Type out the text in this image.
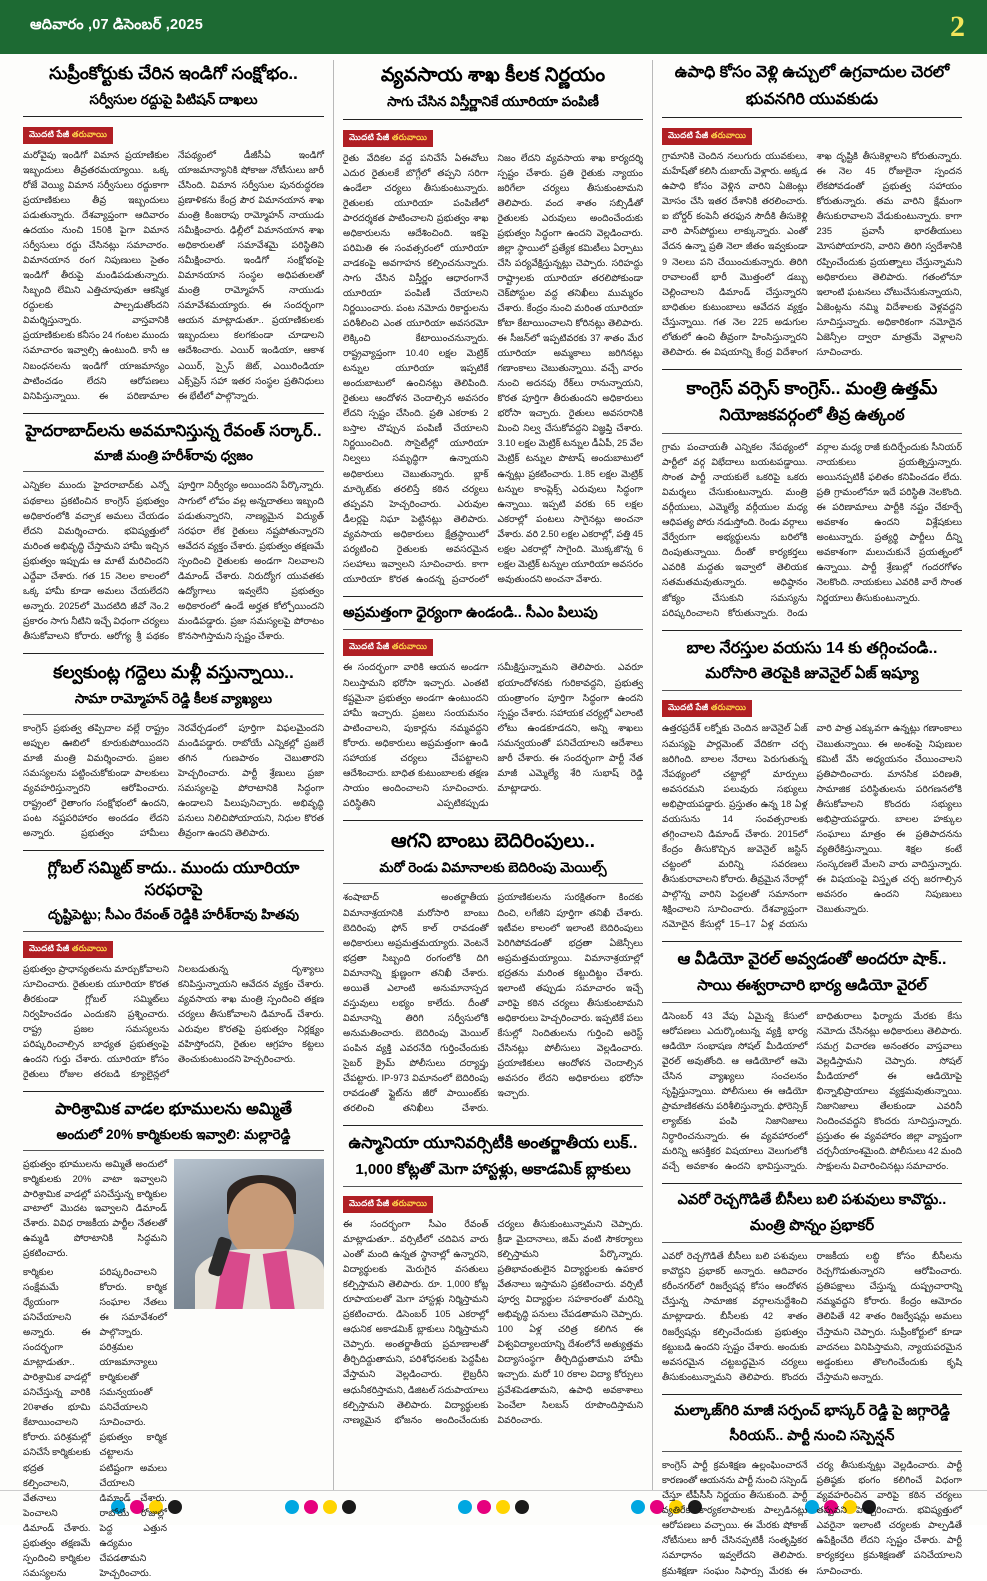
ఆదివారం ,07 డిసెంబర్ ,2025	2
సుప్రీంకోర్టుకు చేరిన ఇండిగో సంక్షోభం..
సర్వీసుల రద్దుపై పిటిషన్ దాఖలు
మొదటి పేజీ తరువాయి
మరోవైపు ఇండిగో విమాన ప్రయాణికుల ఇబ్బందులు తీవ్రతరమయ్యాయి. ఒక్క రోజే వెయ్యి విమాన సర్వీసులు రద్దుకాగా ప్రయాణికులు తీవ్ర ఇబ్బందులు పడుతున్నారు. దేశవ్యాప్తంగా ఆదివారం ఉదయం నుంచి 150కి పైగా విమాన సర్వీసులు రద్దు చేసినట్లు సమాచారం. విమానయాన రంగ నిపుణులు సైతం ఇండిగో తీరుపై మండిపడుతున్నారు. సిబ్బంది లేమిని ఎత్తిచూపుతూ ఆకస్మిక రద్దులకు పాల్పడుతోందని విమర్శిస్తున్నారు. వాస్తవానికి ప్రయాణికులకు కనీసం 24 గంటల ముందు సమాచారం ఇవ్వాల్సి ఉంటుంది. కానీ ఆ నిబంధనలను ఇండిగో యాజమాన్యం పాటించడం లేదని ఆరోపణలు వినిపిస్తున్నాయి. ఈ పరిణామాల నేపథ్యంలో డీజీసీఏ ఇండిగో యాజమాన్యానికి షోకాజు నోటీసులు జారీ చేసింది. విమాన సర్వీసుల పునరుద్ధరణ ప్రణాళికను కేంద్ర పౌర విమానయాన శాఖ మంత్రి కింజరాపు రామ్మోహన్ నాయుడు సమీక్షించారు. ఢిల్లీలో విమానయాన శాఖ అధికారులతో సమావేశమై పరిస్థితిని సమీక్షించారు. ఇండిగో సంక్షోభంపై విమానయాన సంస్థల అధిపతులతో మంత్రి రామ్మోహన్ నాయుడు సమావేశమయ్యారు. ఈ సందర్భంగా ఆయన మాట్లాడుతూ.. ప్రయాణికులకు ఇబ్బందులు కలగకుండా చూడాలని ఆదేశించారు. ఎయిర్ ఇండియా, ఆకాశ ఎయిర్, స్పైస్ జెట్, ఎయిరిండియా ఎక్స్‌ప్రెస్ సహా ఇతర సంస్థల ప్రతినిధులు ఈ భేటీలో పాల్గొన్నారు.
హైదరాబాద్‌లను అవమానిస్తున్న రేవంత్ సర్కార్..
మాజీ మంత్రి హరీశ్‌రావు ధ్వజం
ఎన్నికల ముందు హైదరాబాద్‌కు ఎన్నో పథకాలు ప్రకటించిన కాంగ్రెస్ ప్రభుత్వం అధికారంలోకి వచ్చాక అమలు చేయడం లేదని విమర్శించారు. భవిష్యత్తులో మరింత అభివృద్ధి చేస్తామని హామీ ఇచ్చిన ప్రభుత్వం ఇప్పుడు ఆ మాటే మరిచిందని ఎద్దేవా చేశారు. గత 15 నెలల కాలంలో ఒక్క హామీ కూడా అమలు చేయలేదని అన్నారు. 2025లో మొదటిది జీవో నెం.2 ప్రకారం సాగు నీటిని ఇచ్చే విధంగా చర్యలు తీసుకోవాలని కోరారు. ఆరోగ్య శ్రీ పథకం పూర్తిగా నిర్వీర్యం అయిందని పేర్కొన్నారు. సాగులో లోపం వల్ల అన్నదాతలు ఇబ్బంది పడుతున్నారని, నాణ్యమైన విద్యుత్ సరఫరా లేక రైతులు నష్టపోతున్నారని ఆవేదన వ్యక్తం చేశారు. ప్రభుత్వం తక్షణమే స్పందించి రైతులకు అండగా నిలవాలని డిమాండ్ చేశారు. నిరుద్యోగ యువతకు ఉద్యోగాలు ఇవ్వలేని ప్రభుత్వం అధికారంలో ఉండే అర్హత కోల్పోయిందని మండిపడ్డారు. ప్రజా సమస్యలపై పోరాటం కొనసాగిస్తామని స్పష్టం చేశారు.
కల్వకుంట్ల గద్దెలు మళ్లీ వస్తున్నాయి..
సామా రామ్మోహన్ రెడ్డి కీలక వ్యాఖ్యలు
కాంగ్రెస్ ప్రభుత్వ తప్పిదాల వల్లే రాష్ట్రం అప్పుల ఊబిలో కూరుకుపోయిందని మాజీ మంత్రి విమర్శించారు. ప్రజల సమస్యలను పట్టించుకోకుండా పాలకులు వ్యవహరిస్తున్నారని ఆరోపించారు. రాష్ట్రంలో రైతాంగం సంక్షోభంలో ఉందని, పంట నష్టపరిహారం అందడం లేదని అన్నారు. ప్రభుత్వం హామీలు నెరవేర్చడంలో పూర్తిగా విఫలమైందని మండిపడ్డారు. రాబోయే ఎన్నికల్లో ప్రజలే తగిన గుణపాఠం చెబుతారని హెచ్చరించారు. పార్టీ శ్రేణులు ప్రజా సమస్యలపై పోరాటానికి సిద్ధంగా ఉండాలని పిలుపునిచ్చారు. అభివృద్ధి పనులు నిలిచిపోయాయని, నిధుల కొరత తీవ్రంగా ఉందని తెలిపారు.
గ్లోబల్ సమ్మిట్ కాదు.. ముందు యూరియా సరఫరాపై
దృష్టిపెట్టు; సీఎం రేవంత్ రెడ్డికి హరీశ్‌రావు హితవు
మొదటి పేజీ తరువాయి
ప్రభుత్వం ప్రాధాన్యతలను మార్చుకోవాలని సూచించారు. రైతులకు యూరియా కొరత తీరకుండా గ్లోబల్ సమ్మిట్‌లు నిర్వహించడం ఎందుకని ప్రశ్నించారు. రాష్ట్ర ప్రజల సమస్యలను పరిష్కరించాల్సిన బాధ్యత ప్రభుత్వంపై ఉందని గుర్తు చేశారు. యూరియా కోసం రైతులు రోజుల తరబడి క్యూలైన్లలో నిలబడుతున్న దృశ్యాలు కనిపిస్తున్నాయని ఆవేదన వ్యక్తం చేశారు. వ్యవసాయ శాఖ మంత్రి స్పందించి తక్షణ చర్యలు తీసుకోవాలని డిమాండ్ చేశారు. ఎరువుల కొరతపై ప్రభుత్వం నిర్లక్ష్యం వహిస్తోందని, రైతుల ఆగ్రహం కట్టలు తెంచుకుంటుందని హెచ్చరించారు.
పారిశ్రామిక వాడల భూములను అమ్మితే
అందులో 20% కార్మికులకు ఇవ్వాలి: మల్లారెడ్డి
ప్రభుత్వం భూములను అమ్మితే అందులో కార్మికులకు 20% వాటా ఇవ్వాలని పారిశ్రామిక వాడల్లో పనిచేస్తున్న కార్మికుల వాటాలో మొదట ఇవ్వాలని డిమాండ్ చేశారు. వివిధ రాజకీయ పార్టీల నేతలతో ఉమ్మడి పోరాటానికి సిద్ధమని ప్రకటించారు.
కార్మికుల సంక్షేమమే ధ్యేయంగా పనిచేయాలని అన్నారు. ఈ సందర్భంగా మాట్లాడుతూ.. పారిశ్రామిక వాడల్లో పనిచేస్తున్న వారికి 20శాతం భూమి కేటాయించాలని కోరారు. పరిశ్రమల్లో పనిచేసే కార్మికులకు భద్రత కల్పించాలని, వేతనాలు పెంచాలని డిమాండ్ చేశారు. ప్రభుత్వం తక్షణమే స్పందించి కార్మికుల సమస్యలను పరిష్కరించాలని కోరారు. కార్మిక సంఘాల నేతలు ఈ సమావేశంలో పాల్గొన్నారు. పరిశ్రమల యాజమాన్యాలు కార్మికులతో సమన్వయంతో పనిచేయాలని సూచించారు. ప్రభుత్వం కార్మిక చట్టాలను పటిష్టంగా అమలు చేయాలని డిమాండ్ చేశారు. రాబోయే రోజుల్లో పెద్ద ఎత్తున ఉద్యమం చేపడతామని హెచ్చరించారు.
వ్యవసాయ శాఖ కీలక నిర్ణయం
సాగు చేసిన విస్తీర్ణానికే యూరియా పంపిణీ
మొదటి పేజీ తరువాయి
రైతు వేదికల వద్ద పనిచేసే ఏఈవోలు ఎదుర రైతులకే బొగ్గేలో తప్పని సరిగా ఉండేలా చర్యలు తీసుకుంటున్నారు. రైతులకు యూరియా పంపిణీలో పారదర్శకత పాటించాలని ప్రభుత్వం శాఖ అధికారులను ఆదేశించింది. ఇకపై పరిమితి ఈ సంవత్సరంలో యూరియా వాడకంపై అవగాహన కల్పించనున్నారు. సాగు చేసిన విస్తీర్ణం ఆధారంగానే యూరియా పంపిణీ చేయాలని నిర్ణయించారు. పంట నమోదు రికార్డులను పరిశీలించి ఎంత యూరియా అవసరమో లెక్కించి కేటాయించనున్నారు. రాష్ట్రవ్యాప్తంగా 10.40 లక్షల మెట్రిక్ టన్నుల యూరియా ఇప్పటికే అందుబాటులో ఉంచినట్లు తెలిపింది. రైతులు ఆందోళన చెందాల్సిన అవసరం లేదని స్పష్టం చేసింది. ప్రతి ఎకరాకు 2 బస్తాల చొప్పున పంపిణీ చేయాలని నిర్ణయించింది. సొసైటీల్లో యూరియా నిల్వలు సమృద్ధిగా ఉన్నాయని అధికారులు చెబుతున్నారు. బ్లాక్ మార్కెట్‌కు తరలిస్తే కఠిన చర్యలు తప్పవని హెచ్చరించారు. ఎరువుల డీలర్లపై నిఘా పెట్టినట్లు తెలిపారు. వ్యవసాయ అధికారులు క్షేత్రస్థాయిలో పర్యటించి రైతులకు అవసరమైన సలహాలు ఇవ్వాలని సూచించారు. కాగా యూరియా కొరత ఉందన్న ప్రచారంలో నిజం లేదని వ్యవసాయ శాఖ కార్యదర్శి స్పష్టం చేశారు. ప్రతి రైతుకు న్యాయం జరిగేలా చర్యలు తీసుకుంటామని తెలిపారు. వంద శాతం సబ్సిడీతో రైతులకు ఎరువులు అందించేందుకు ప్రభుత్వం సిద్ధంగా ఉందని వెల్లడించారు. జిల్లా స్థాయిలో ప్రత్యేక కమిటీలు ఏర్పాటు చేసి పర్యవేక్షిస్తున్నట్లు చెప్పారు. సరిహద్దు రాష్ట్రాలకు యూరియా తరలిపోకుండా చెక్‌పోస్టుల వద్ద తనిఖీలు ముమ్మరం చేశారు. కేంద్రం నుంచి మరింత యూరియా కోటా కేటాయించాలని కోరినట్లు తెలిపారు. ఈ సీజన్‌లో ఇప్పటివరకు 37 శాతం మేర యూరియా అమ్మకాలు జరిగినట్లు గణాంకాలు చెబుతున్నాయి. వచ్చే వారం నుంచి అదనపు రేక్‌లు రానున్నాయని, కొరత పూర్తిగా తీరుతుందని అధికారులు భరోసా ఇచ్చారు. రైతులు అవసరానికి మించి నిల్వ చేసుకోవద్దని విజ్ఞప్తి చేశారు. 3.10 లక్షల మెట్రిక్ టన్నుల డీఏపీ, 25 వేల మెట్రిక్ టన్నుల పొటాష్ అందుబాటులో ఉన్నట్లు ప్రకటించారు. 1.85 లక్షల మెట్రిక్ టన్నుల కాంప్లెక్స్ ఎరువులు సిద్ధంగా ఉన్నాయి. ఇప్పటి వరకు 65 లక్షల ఎకరాల్లో పంటలు సాగైనట్లు అంచనా వేశారు. వరి 2.50 లక్షల ఎకరాల్లో, పత్తి 45 లక్షల ఎకరాల్లో సాగైంది. మొక్కజొన్న 6 లక్షల మెట్రిక్ టన్నుల యూరియా అవసరం అవుతుందని అంచనా వేశారు.
అప్రమత్తంగా ధైర్యంగా ఉండండి.. సీఎం పిలుపు
మొదటి పేజీ తరువాయి
ఈ సందర్భంగా వారికి ఆయన అండగా నిలుస్తామని భరోసా ఇచ్చారు. ఎంతటి కష్టమైనా ప్రభుత్వం అండగా ఉంటుందని హామీ ఇచ్చారు. ప్రజలు సంయమనం పాటించాలని, పుకార్లను నమ్మవద్దని కోరారు. అధికారులు అప్రమత్తంగా ఉండి సహాయక చర్యలు చేపట్టాలని ఆదేశించారు. బాధిత కుటుంబాలకు తక్షణ సాయం అందించాలని సూచించారు. పరిస్థితిని ఎప్పటికప్పుడు సమీక్షిస్తున్నామని తెలిపారు. ఎవరూ భయాందోళనకు గురికావద్దని, ప్రభుత్వ యంత్రాంగం పూర్తిగా సిద్ధంగా ఉందని స్పష్టం చేశారు. సహాయక చర్యల్లో ఎలాంటి లోటు ఉండకూడదని, అన్ని శాఖలు సమన్వయంతో పనిచేయాలని ఆదేశాలు జారీ చేశారు. ఈ సందర్భంగా పార్టీ నేత మాజీ ఎమ్మెల్యే శేరి సుభాష్ రెడ్డి మాట్లాడారు.
ఆగని బాంబు బెదిరింపులు..
మరో రెండు విమానాలకు బెదిరింపు మెయిల్స్
శంషాబాద్ అంతర్జాతీయ విమానాశ్రయానికి మరోసారి బాంబు బెదిరింపు ఫోన్ కాల్ రావడంతో అధికారులు అప్రమత్తమయ్యారు. వెంటనే భద్రతా సిబ్బంది రంగంలోకి దిగి విమానాన్ని క్షుణ్ణంగా తనిఖీ చేశారు. అయితే ఎలాంటి అనుమానాస్పద వస్తువులు లభ్యం కాలేదు. దీంతో విమానాన్ని తిరిగి సర్వీసులోకి అనుమతించారు. బెదిరింపు మెయిల్ పంపిన వ్యక్తి ఎవరనేది గుర్తించేందుకు సైబర్ క్రైమ్ పోలీసులు దర్యాప్తు చేపట్టారు. IP-973 విమానంలో బెదిరింపు రావడంతో ఫ్లైట్‌ను జీరో పాయింట్‌కు తరలించి తనిఖీలు చేశారు. ప్రయాణికులను సురక్షితంగా కిందకు దించి, లగేజీని పూర్తిగా తనిఖీ చేశారు. ఇటీవల కాలంలో ఇలాంటి బెదిరింపులు పెరిగిపోవడంతో భద్రతా ఏజెన్సీలు అప్రమత్తమయ్యాయి. విమానాశ్రయాల్లో భద్రతను మరింత కట్టుదిట్టం చేశారు. ఇలాంటి తప్పుడు సమాచారం ఇచ్చే వారిపై కఠిన చర్యలు తీసుకుంటామని అధికారులు హెచ్చరించారు. ఇప్పటికే పలు కేసుల్లో నిందితులను గుర్తించి అరెస్ట్ చేసినట్లు పోలీసులు వెల్లడించారు. ప్రయాణికులు ఆందోళన చెందాల్సిన అవసరం లేదని అధికారులు భరోసా ఇచ్చారు.
ఉస్మానియా యూనివర్సిటీకి అంతర్జాతీయ లుక్..
1,000 కోట్లతో మెగా హాస్టళ్లు, అకాడమిక్ బ్లాకులు
మొదటి పేజీ తరువాయి
ఈ సందర్భంగా సీఎం రేవంత్ మాట్లాడుతూ.. వర్సిటీలో చదివిన వారు ఎంతో మంది ఉన్నత స్థానాల్లో ఉన్నారని, విద్యార్థులకు మెరుగైన వసతులు కల్పిస్తామని తెలిపారు. రూ. 1,000 కోట్ల రూపాయలతో మెగా హాస్టళ్లు నిర్మిస్తామని ప్రకటించారు. డిసెంబర్ 105 ఎకరాల్లో ఆధునిక అకాడమిక్ బ్లాకులు నిర్మిస్తామని చెప్పారు. అంతర్జాతీయ ప్రమాణాలతో తీర్చిదిద్దుతామని, పరిశోధనలకు పెద్దపీట వేస్తామని వెల్లడించారు. లైబ్రరీని ఆధునీకరిస్తామని, డిజిటల్ సదుపాయాలు కల్పిస్తామని తెలిపారు. విద్యార్థులకు నాణ్యమైన భోజనం అందించేందుకు చర్యలు తీసుకుంటున్నామని చెప్పారు. క్రీడా మైదానాలు, జిమ్ వంటి సౌకర్యాలు కల్పిస్తామని పేర్కొన్నారు. ప్రతిభావంతులైన విద్యార్థులకు ఉపకార వేతనాలు ఇస్తామని ప్రకటించారు. వర్సిటీ పూర్వ విద్యార్థుల సహకారంతో మరిన్ని అభివృద్ధి పనులు చేపడతామని చెప్పారు. 100 ఏళ్ల చరిత్ర కలిగిన ఈ విశ్వవిద్యాలయాన్ని దేశంలోనే అత్యుత్తమ విద్యాసంస్థగా తీర్చిదిద్దుతామని హామీ ఇచ్చారు. మరో 10 రకాల విద్యా కోర్సులు ప్రవేశపెడతామని, ఉపాధి అవకాశాలు పెంచేలా సిలబస్ రూపొందిస్తామని వివరించారు.
ఉపాధి కోసం వెళ్లి ఉచ్చులో ఉగ్రవాదుల చెరలో
భువనగిరి యువకుడు
మొదటి పేజీ తరువాయి
గ్రామానికి చెందిన నలుగురు యువకులు, మహేష్‌తో కలిసి దుబాయ్ వెళ్లారు. అక్కడ ఉపాధి కోసం వెళ్లిన వారిని ఏజెంట్లు మోసం చేసి ఇతర దేశానికి తరలించారు. ఐ బోర్డర్ కంపెనీ తరఫున సౌదీకి తీసుకెళ్లి వారి పాస్‌పోర్టులు లాక్కున్నారు. ఎంతో వేదన ఉన్నా ప్రతి నెలా జీతం ఇవ్వకుండా 9 నెలలు పని చేయించుకున్నారు. తిరిగి రావాలంటే భారీ మొత్తంలో డబ్బు చెల్లించాలని డిమాండ్ చేస్తున్నారని బాధితుల కుటుంబాలు ఆవేదన వ్యక్తం చేస్తున్నాయి. గత నెల 225 అడుగుల లోతులో ఉంచి తీవ్రంగా హింసిస్తున్నారని తెలిపారు. ఈ విషయాన్ని కేంద్ర విదేశాంగ శాఖ దృష్టికి తీసుకెళ్లాలని కోరుతున్నారు. ఈ నెల 45 రోజులైనా స్పందన లేకపోవడంతో ప్రభుత్వ సహాయం కోరుతున్నారు. తమ వారిని క్షేమంగా తీసుకురావాలని వేడుకుంటున్నారు. కాగా 235 ప్రవాసీ భారతీయులు మోసపోయారని, వారిని తిరిగి స్వదేశానికి రప్పించేందుకు ప్రయత్నాలు చేస్తున్నామని అధికారులు తెలిపారు. గతంలోనూ ఇలాంటి ఘటనలు చోటుచేసుకున్నాయని, ఏజెంట్లను నమ్మి విదేశాలకు వెళ్లవద్దని సూచిస్తున్నారు. అధికారికంగా నమోదైన ఏజెన్సీల ద్వారా మాత్రమే వెళ్లాలని సూచించారు.
కాంగ్రెస్ వర్సెస్ కాంగ్రెస్.. మంత్రి ఉత్తమ్
నియోజకవర్గంలో తీవ్ర ఉత్కంఠ
గ్రామ పంచాయతీ ఎన్నికల నేపథ్యంలో పార్టీలో వర్గ విభేదాలు బయటపడ్డాయి. సొంత పార్టీ నాయకులే ఒకరిపై ఒకరు విమర్శలు చేసుకుంటున్నారు. మంత్రి వర్గీయులు, ఎమ్మెల్యే వర్గీయుల మధ్య ఆధిపత్య పోరు నడుస్తోంది. రెండు వర్గాలు వేర్వేరుగా అభ్యర్థులను బరిలోకి దింపుతున్నాయి. దీంతో కార్యకర్తలు ఎవరికి మద్దతు ఇవ్వాలో తెలియక సతమతమవుతున్నారు. అధిష్ఠానం జోక్యం చేసుకుని సమస్యను పరిష్కరించాలని కోరుతున్నారు. రెండు వర్గాల మధ్య రాజీ కుదిర్చేందుకు సీనియర్ నాయకులు ప్రయత్నిస్తున్నారు. అయినప్పటికీ ఫలితం కనిపించడం లేదు. ప్రతి గ్రామంలోనూ ఇదే పరిస్థితి నెలకొంది. ఈ పరిణామాలు పార్టీకి నష్టం చేకూర్చే అవకాశం ఉందని విశ్లేషకులు అంటున్నారు. ప్రత్యర్థి పార్టీలు దీన్ని అవకాశంగా మలుచుకునే ప్రయత్నంలో ఉన్నాయి. పార్టీ శ్రేణుల్లో గందరగోళం నెలకొంది. నాయకులు ఎవరికి వారే సొంత నిర్ణయాలు తీసుకుంటున్నారు.
బాల నేరస్తుల వయసు 14 కు తగ్గించండి..
మరోసారి తెరపైకి జువెనైల్ ఏజ్ ఇష్యూ
మొదటి పేజీ తరువాయి
ఉత్తరప్రదేశ్ లక్నోకు చెందిన జువెనైల్ ఏజ్ సమస్యపై పార్లమెంట్ వేదికగా చర్చ జరిగింది. బాలల నేరాలు పెరుగుతున్న నేపథ్యంలో చట్టాల్లో మార్పులు అవసరమని పలువురు సభ్యులు అభిప్రాయపడ్డారు. ప్రస్తుతం ఉన్న 18 ఏళ్ల వయసును 14 సంవత్సరాలకు తగ్గించాలని డిమాండ్ చేశారు. 2015లో కేంద్రం తీసుకొచ్చిన జువెనైల్ జస్టిస్ చట్టంలో మరిన్ని సవరణలు తీసుకురావాలని కోరారు. తీవ్రమైన నేరాల్లో పాల్గొన్న వారిని పెద్దలతో సమానంగా శిక్షించాలని సూచించారు. దేశవ్యాప్తంగా నమోదైన కేసుల్లో 15–17 ఏళ్ల వయసు వారి పాత్ర ఎక్కువగా ఉన్నట్లు గణాంకాలు చెబుతున్నాయి. ఈ అంశంపై నిపుణుల కమిటీ వేసి అధ్యయనం చేయించాలని ప్రతిపాదించారు. మానసిక పరిణతి, సామాజిక పరిస్థితులను పరిగణనలోకి తీసుకోవాలని కొందరు సభ్యులు అభిప్రాయపడ్డారు. బాలల హక్కుల సంఘాలు మాత్రం ఈ ప్రతిపాదనను వ్యతిరేకిస్తున్నాయి. శిక్షల కంటే సంస్కరణలే మేలని వారు వాదిస్తున్నారు. ఈ విషయంపై విస్తృత చర్చ జరగాల్సిన అవసరం ఉందని నిపుణులు చెబుతున్నారు.
ఆ వీడియో వైరల్ అవ్వడంతో అందరూ షాక్..
సాయి ఈశ్వరాచారి భార్య ఆడియో వైరల్
డిసెంబర్ 43 వేపు ఏమైన్న కేసులో ఆరోపణలు ఎదుర్కొంటున్న వ్యక్తి భార్య ఆడియో సంభాషణ సోషల్ మీడియాలో వైరల్ అవుతోంది. ఆ ఆడియోలో ఆమె చేసిన వ్యాఖ్యలు సంచలనం సృష్టిస్తున్నాయి. పోలీసులు ఈ ఆడియో ప్రామాణికతను పరిశీలిస్తున్నారు. ఫోరెన్సిక్ ల్యాబ్‌కు పంపి నిజానిజాలు నిర్ధారించనున్నారు. ఈ వ్యవహారంలో మరిన్ని ఆసక్తికర విషయాలు వెలుగులోకి వచ్చే అవకాశం ఉందని భావిస్తున్నారు. బాధితురాలు ఫిర్యాదు మేరకు కేసు నమోదు చేసినట్లు అధికారులు తెలిపారు. సమగ్ర విచారణ అనంతరం వాస్తవాలు వెల్లడిస్తామని చెప్పారు. సోషల్ మీడియాలో ఈ ఆడియోపై భిన్నాభిప్రాయాలు వ్యక్తమవుతున్నాయి. నిజానిజాలు తేలకుండా ఎవరినీ నిందించవద్దని కొందరు సూచిస్తున్నారు. ప్రస్తుతం ఈ వ్యవహారం జిల్లా వ్యాప్తంగా చర్చనీయాంశమైంది. పోలీసులు 42 మంది సాక్షులను విచారించినట్లు సమాచారం.
ఎవరో రెచ్చగొడితే బీసీలు బలి పశువులు కావొద్దు..
మంత్రి పొన్నం ప్రభాకర్
ఎవరో రెచ్చగొడితే బీసీలు బలి పశువులు కావొద్దని ప్రభాకర్ అన్నారు. ఆదివారం కరీంనగర్‌లో రిజర్వేషన్ల కోసం ఆందోళన చేస్తున్న సామాజిక వర్గాలనుద్దేశించి మాట్లాడారు. బీసీలకు 42 శాతం రిజర్వేషన్లు కల్పించేందుకు ప్రభుత్వం కట్టుబడి ఉందని స్పష్టం చేశారు. అందుకు అవసరమైన చట్టబద్ధమైన చర్యలు తీసుకుంటున్నామని తెలిపారు. కొందరు రాజకీయ లబ్ధి కోసం బీసీలను రెచ్చగొడుతున్నారని ఆరోపించారు. ప్రతిపక్షాలు చేస్తున్న దుష్ప్రచారాన్ని నమ్మవద్దని కోరారు. కేంద్రం ఆమోదం తెలిపితే 42 శాతం రిజర్వేషన్లు అమలు చేస్తామని చెప్పారు. సుప్రీంకోర్టులో కూడా వాదనలు వినిపిస్తామని, న్యాయపరమైన అడ్డంకులు తొలగించేందుకు కృషి చేస్తామని అన్నారు.
మల్కాజ్‌గిరి మాజీ సర్పంచ్ భాస్కర్ రెడ్డి పై జగ్గారెడ్డి
సీరియస్.. పార్టీ నుంచి సస్పెన్షన్
కాంగ్రెస్ పార్టీ క్రమశిక్షణ ఉల్లంఘించారనే కారణంతో ఆయనను పార్టీ నుంచి సస్పెండ్ చేస్తూ టీపీసీసీ నిర్ణయం తీసుకుంది. పార్టీ వ్యతిరేక కార్యకలాపాలకు పాల్పడినట్లు ఆరోపణలు వచ్చాయి. ఈ మేరకు షోకాజ్ నోటీసులు జారీ చేసినప్పటికీ సంతృప్తికర సమాధానం ఇవ్వలేదని తెలిపారు. క్రమశిక్షణా సంఘం సిఫార్సు మేరకు ఈ చర్య తీసుకున్నట్లు వెల్లడించారు. పార్టీ ప్రతిష్ఠకు భంగం కలిగించే విధంగా వ్యవహరించిన వారిపై కఠిన చర్యలు తప్పవని హెచ్చరించారు. భవిష్యత్తులో ఎవరైనా ఇలాంటి చర్యలకు పాల్పడితే ఉపేక్షించేది లేదని స్పష్టం చేశారు. పార్టీ కార్యకర్తలు క్రమశిక్షణతో పనిచేయాలని సూచించారు.
